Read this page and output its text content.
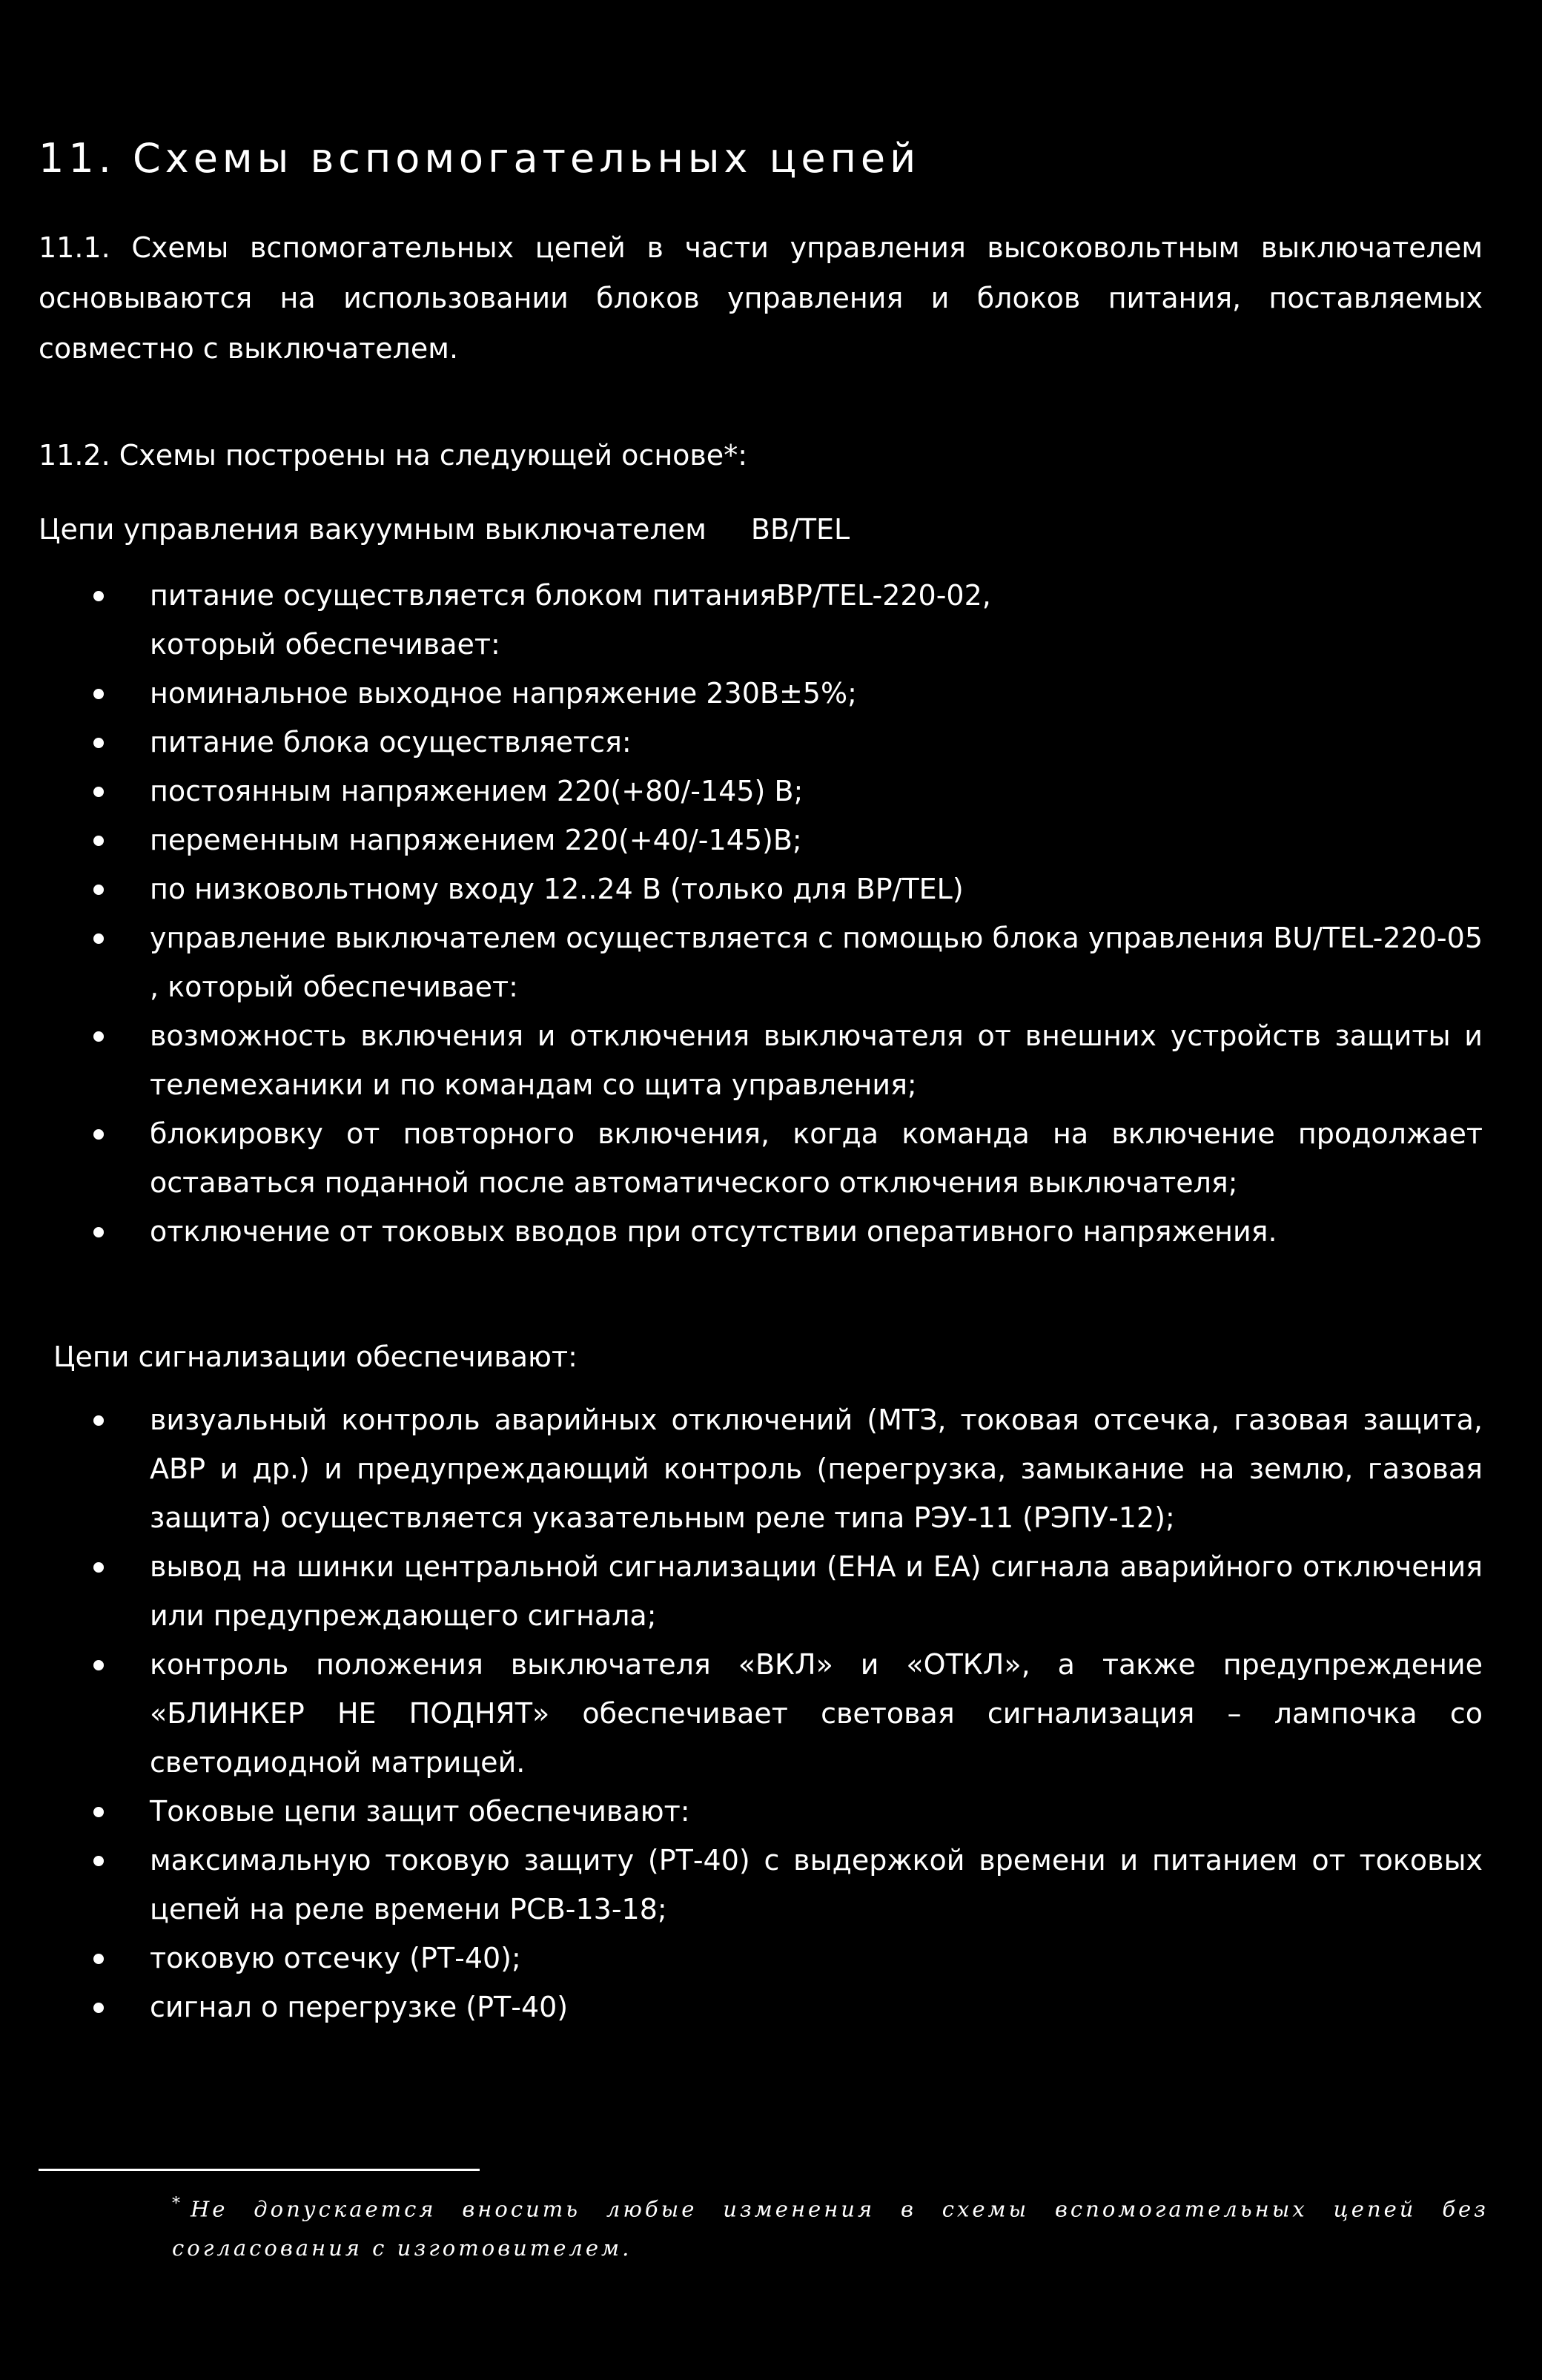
11. Схемы вспомогательных цепей

11.1. Схемы вспомогательных цепей в части управления высоковольтным выключателем основываются на использовании блоков управления и блоков питания, поставляемых совместно с выключателем.

11.2. Схемы построены на следующей основе*:

Цепи управления вакуумным выключателем BB/TEL

питание осуществляется блоком питанияBP/TEL-220-02,
который обеспечивает:
номинальное выходное напряжение 230В±5%;
питание блока осуществляется:
постоянным напряжением 220(+80/-145) В;
переменным напряжением 220(+40/-145)В;
по низковольтному входу 12..24 В (только для BP/TEL)
управление выключателем осуществляется с помощью блока управления BU/TEL-220-05 , который обеспечивает:
возможность включения и отключения выключателя от внешних устройств защиты и телемеханики и по командам со щита управления;
блокировку от повторного включения, когда команда на включение продолжает оставаться поданной после автоматического отключения выключателя;
отключение от токовых вводов при отсутствии оперативного напряжения.

Цепи сигнализации обеспечивают:

визуальный контроль аварийных отключений (МТЗ, токовая отсечка, газовая защита, АВР и др.) и предупреждающий контроль (перегрузка, замыкание на землю, газовая защита) осуществляется указательным реле типа РЭУ-11 (РЭПУ-12);
вывод на шинки центральной сигнализации (ЕНА и ЕА) сигнала аварийного отключения или предупреждающего сигнала;
контроль положения выключателя «ВКЛ» и «ОТКЛ», а также предупреждение «БЛИНКЕР НЕ ПОДНЯТ» обеспечивает световая сигнализация – лампочка со светодиодной матрицей.
Токовые цепи защит обеспечивают:
максимальную токовую защиту (РТ-40) с выдержкой времени и питанием от токовых цепей на реле времени РСВ-13-18;
токовую отсечку (РТ-40);
сигнал о перегрузке (РТ-40)

* Не допускается вносить любые изменения в схемы вспомогательных цепей без согласования с изготовителем.
